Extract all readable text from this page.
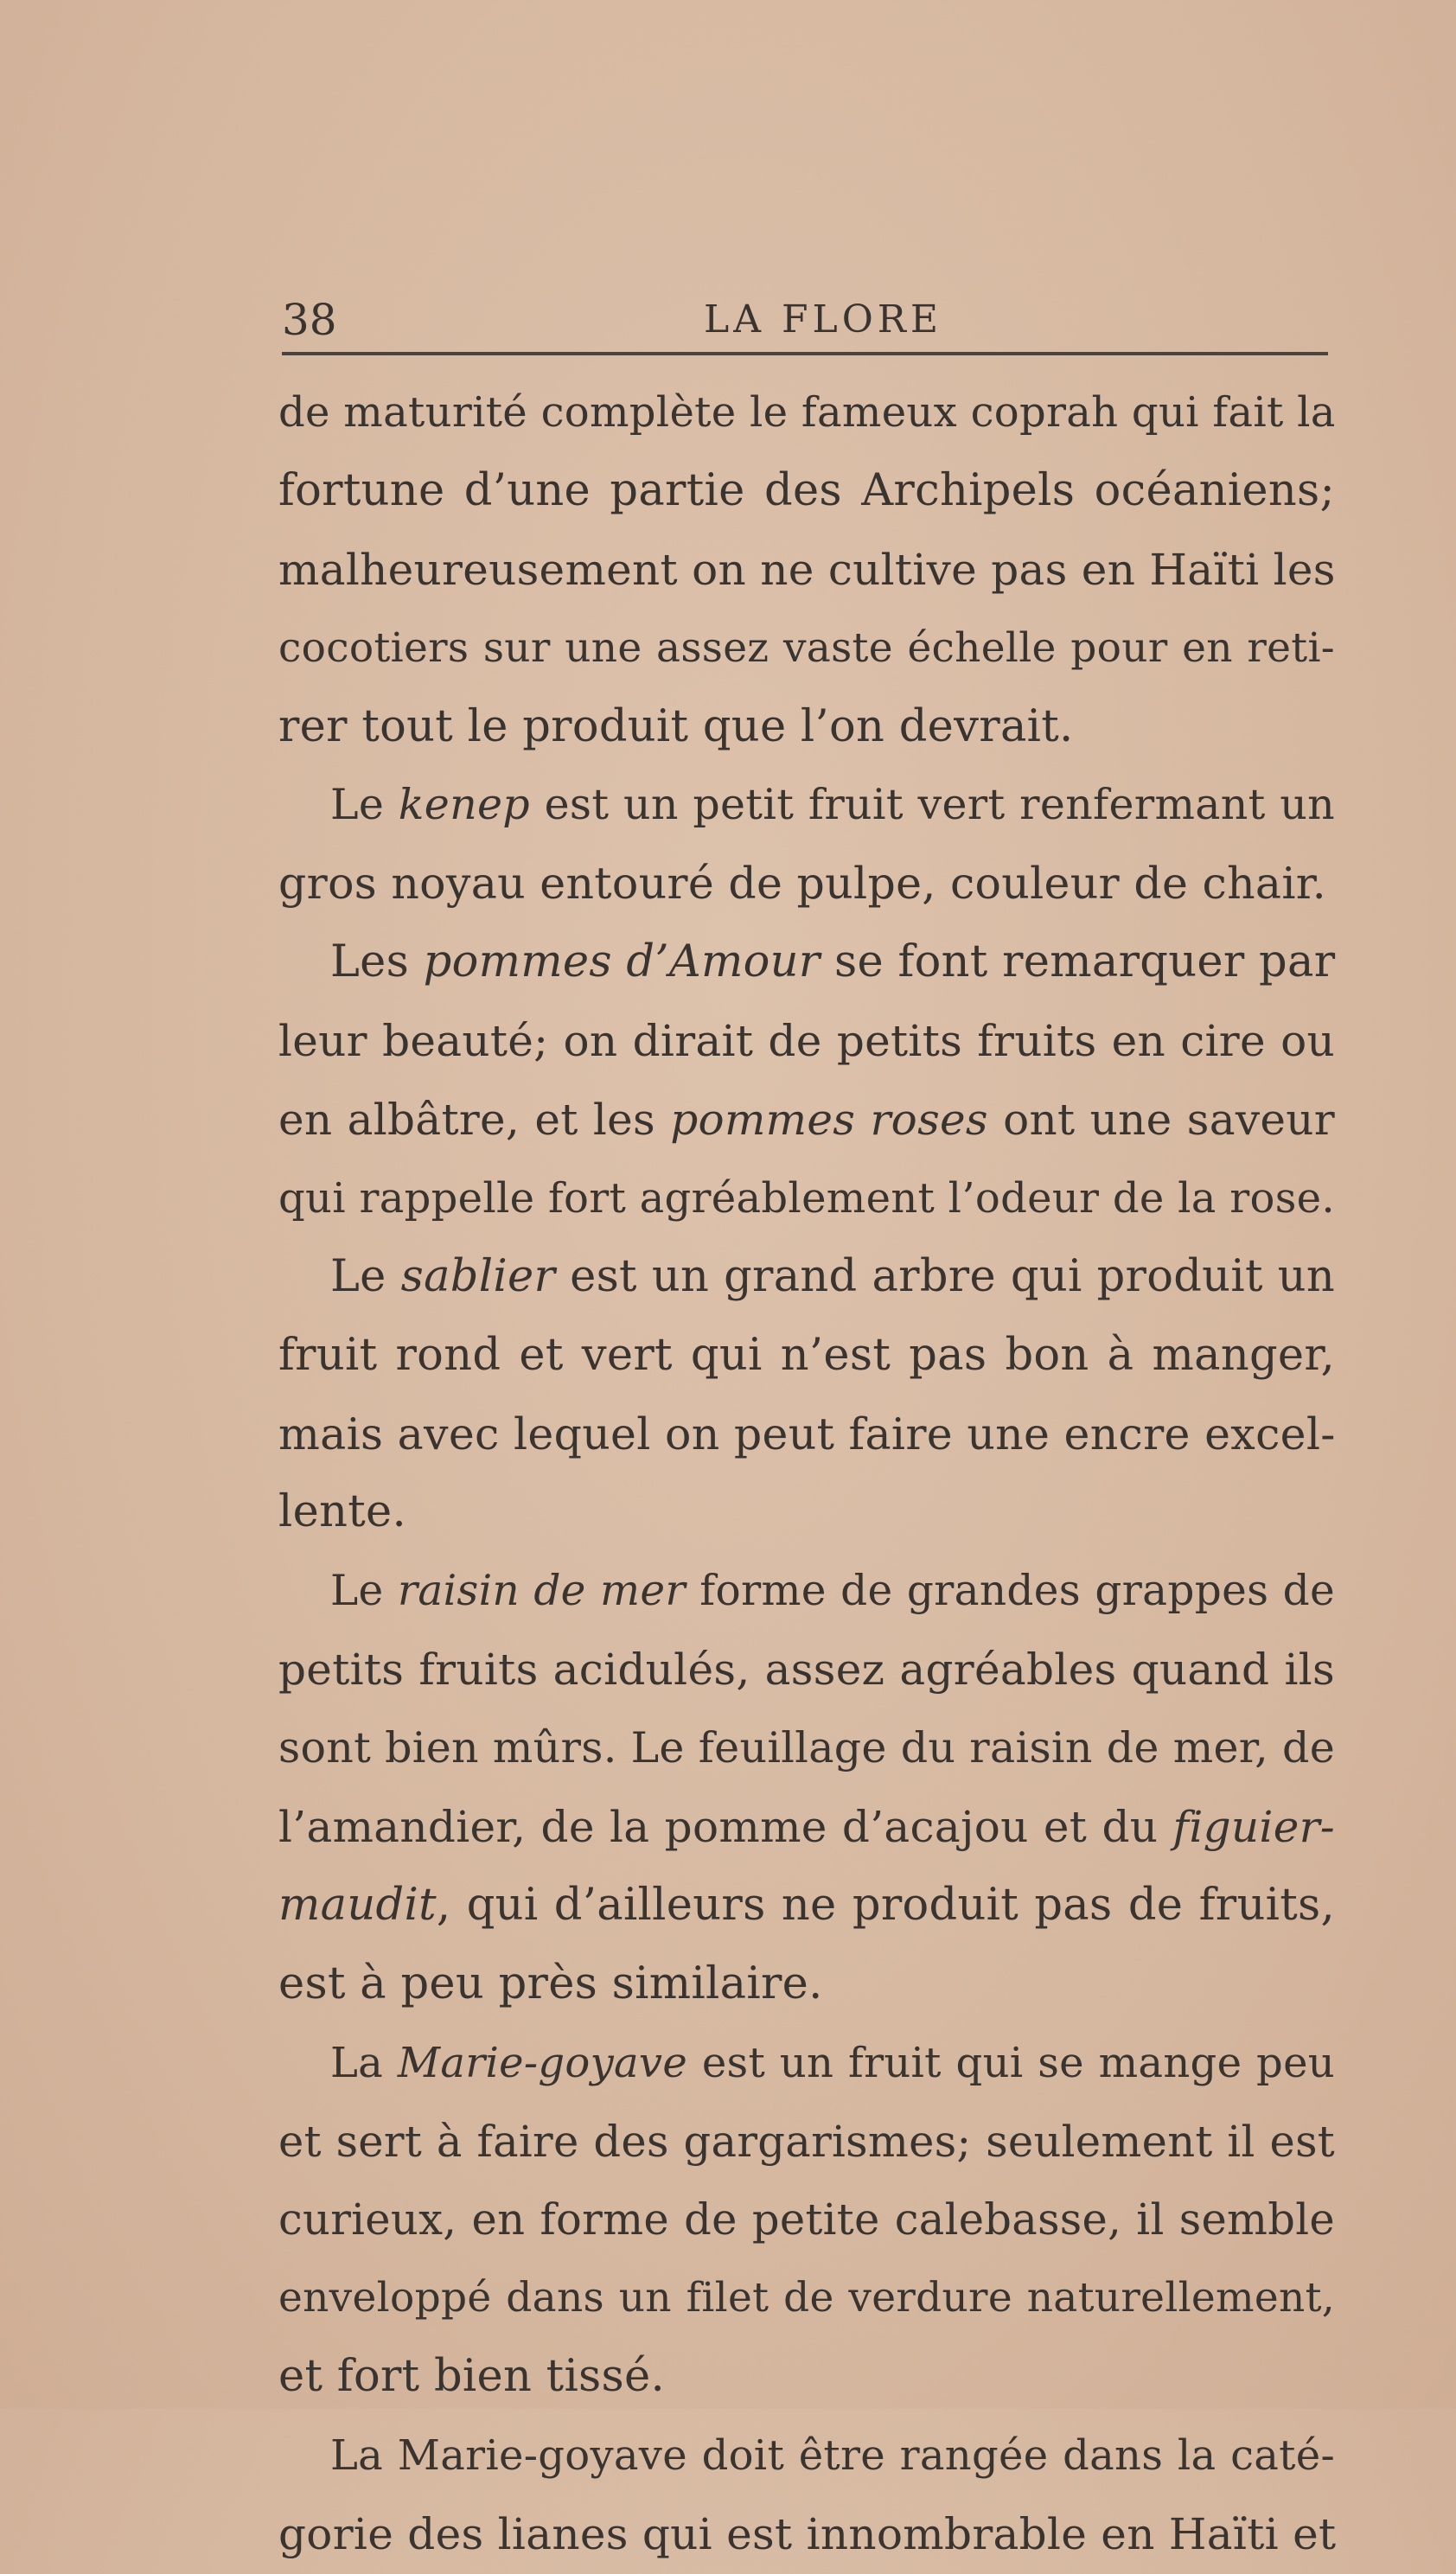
38	LA FLORE
de maturité complète le fameux coprah qui fait la
fortune d’une partie des Archipels océaniens;
malheureusement on ne cultive pas en Haïti les
cocotiers sur une assez vaste échelle pour en reti-
rer tout le produit que l’on devrait.
Le kenep est un petit fruit vert renfermant un
gros noyau entouré de pulpe, couleur de chair.
Les pommes d’Amour se font remarquer par
leur beauté; on dirait de petits fruits en cire ou
en albâtre, et les pommes roses ont une saveur
qui rappelle fort agréablement l’odeur de la rose.
Le sablier est un grand arbre qui produit un
fruit rond et vert qui n’est pas bon à manger,
mais avec lequel on peut faire une encre excel-
lente.
Le raisin de mer forme de grandes grappes de
petits fruits acidulés, assez agréables quand ils
sont bien mûrs. Le feuillage du raisin de mer, de
l’amandier, de la pomme d’acajou et du figuier-
maudit, qui d’ailleurs ne produit pas de fruits,
est à peu près similaire.
La Marie-goyave est un fruit qui se mange peu
et sert à faire des gargarismes; seulement il est
curieux, en forme de petite calebasse, il semble
enveloppé dans un filet de verdure naturellement,
et fort bien tissé.
La Marie-goyave doit être rangée dans la caté-
gorie des lianes qui est innombrable en Haïti et
